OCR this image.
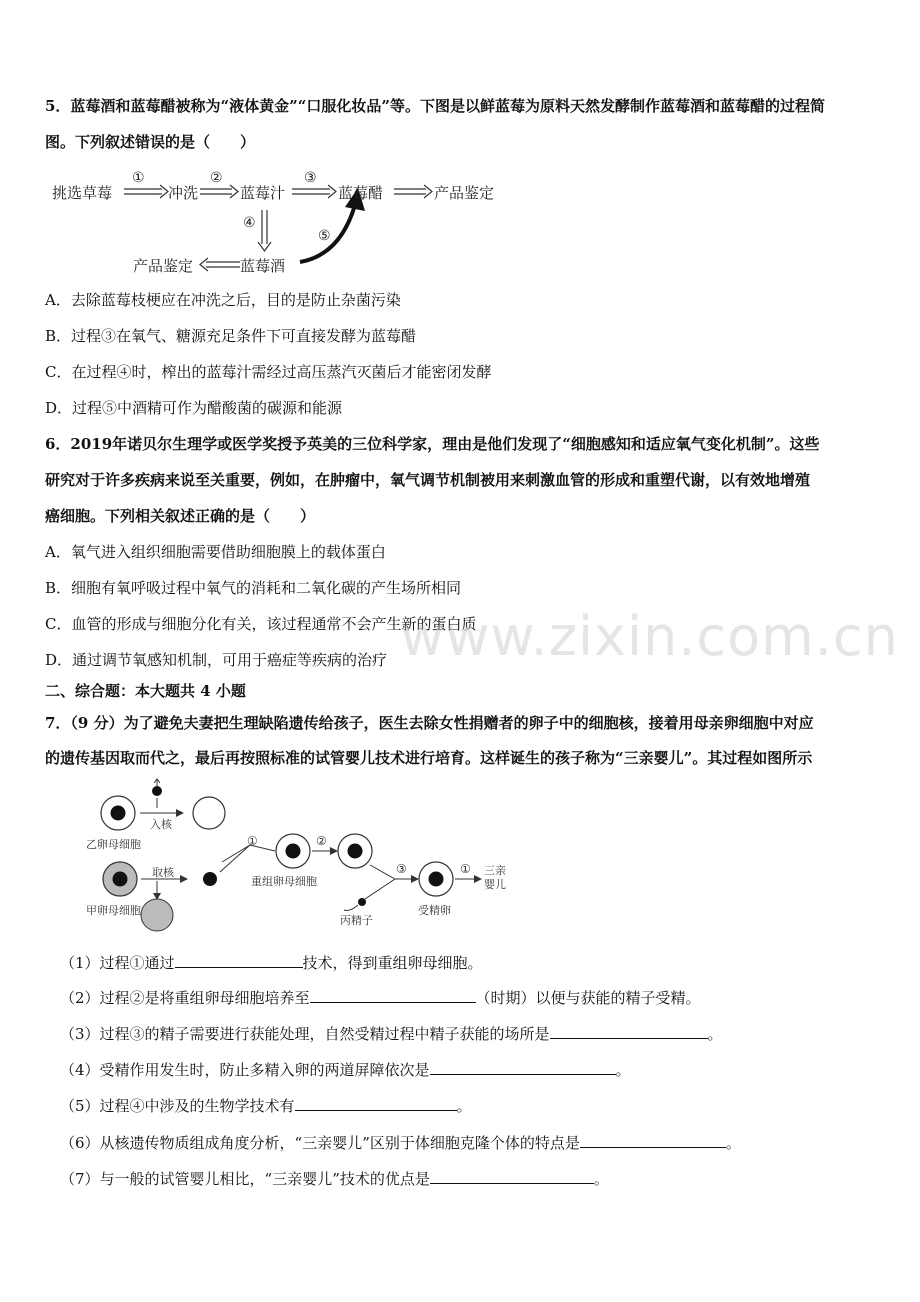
5．蓝莓酒和蓝莓醋被称为“液体黄金”“口服化妆品”等。下图是以鲜蓝莓为原料天然发酵制作蓝莓酒和蓝莓醋的过程简
图。下列叙述错误的是（　　）
挑选草莓	冲洗	蓝莓汁	蓝莓醋	产品鉴定
蓝莓酒
产品鉴定
①	②	③
④
⑤
A．去除蓝莓枝梗应在冲洗之后，目的是防止杂菌污染
B．过程③在氧气、糖源充足条件下可直接发酵为蓝莓醋
C．在过程④时，榨出的蓝莓汁需经过高压蒸汽灭菌后才能密闭发酵
D．过程⑤中酒精可作为醋酸菌的碳源和能源
6．2019年诺贝尔生理学或医学奖授予英美的三位科学家，理由是他们发现了“细胞感知和适应氧气变化机制”。这些
研究对于许多疾病来说至关重要，例如，在肿瘤中，氧气调节机制被用来刺激血管的形成和重塑代谢，以有效地增殖
癌细胞。下列相关叙述正确的是（　　）
A．氧气进入组织细胞需要借助细胞膜上的载体蛋白
B．细胞有氧呼吸过程中氧气的消耗和二氧化碳的产生场所相同
C．血管的形成与细胞分化有关，该过程通常不会产生新的蛋白质
D．通过调节氧感知机制，可用于癌症等疾病的治疗 www.zixin.com.cn
二、综合题：本大题共 4 小题
7．（9 分）为了避免夫妻把生理缺陷遗传给孩子，医生去除女性捐赠者的卵子中的细胞核，接着用母亲卵细胞中对应
的遗传基因取而代之，最后再按照标准的试管婴儿技术进行培育。这样诞生的孩子称为“三亲婴儿”。其过程如图所示
乙卵母细胞
甲卵母细胞
入核
取核
重组卵母细胞
丙精子
受精卵
三亲
婴儿
①	②
③	①
（1）过程①通过	技术，得到重组卵母细胞。
（2）过程②是将重组卵母细胞培养至	（时期）以便与获能的精子受精。
（3）过程③的精子需要进行获能处理，自然受精过程中精子获能的场所是	。
（4）受精作用发生时，防止多精入卵的两道屏障依次是	。
（5）过程④中涉及的生物学技术有	。
（6）从核遗传物质组成角度分析，“三亲婴儿”区别于体细胞克隆个体的特点是	。
（7）与一般的试管婴儿相比，“三亲婴儿”技术的优点是	。
